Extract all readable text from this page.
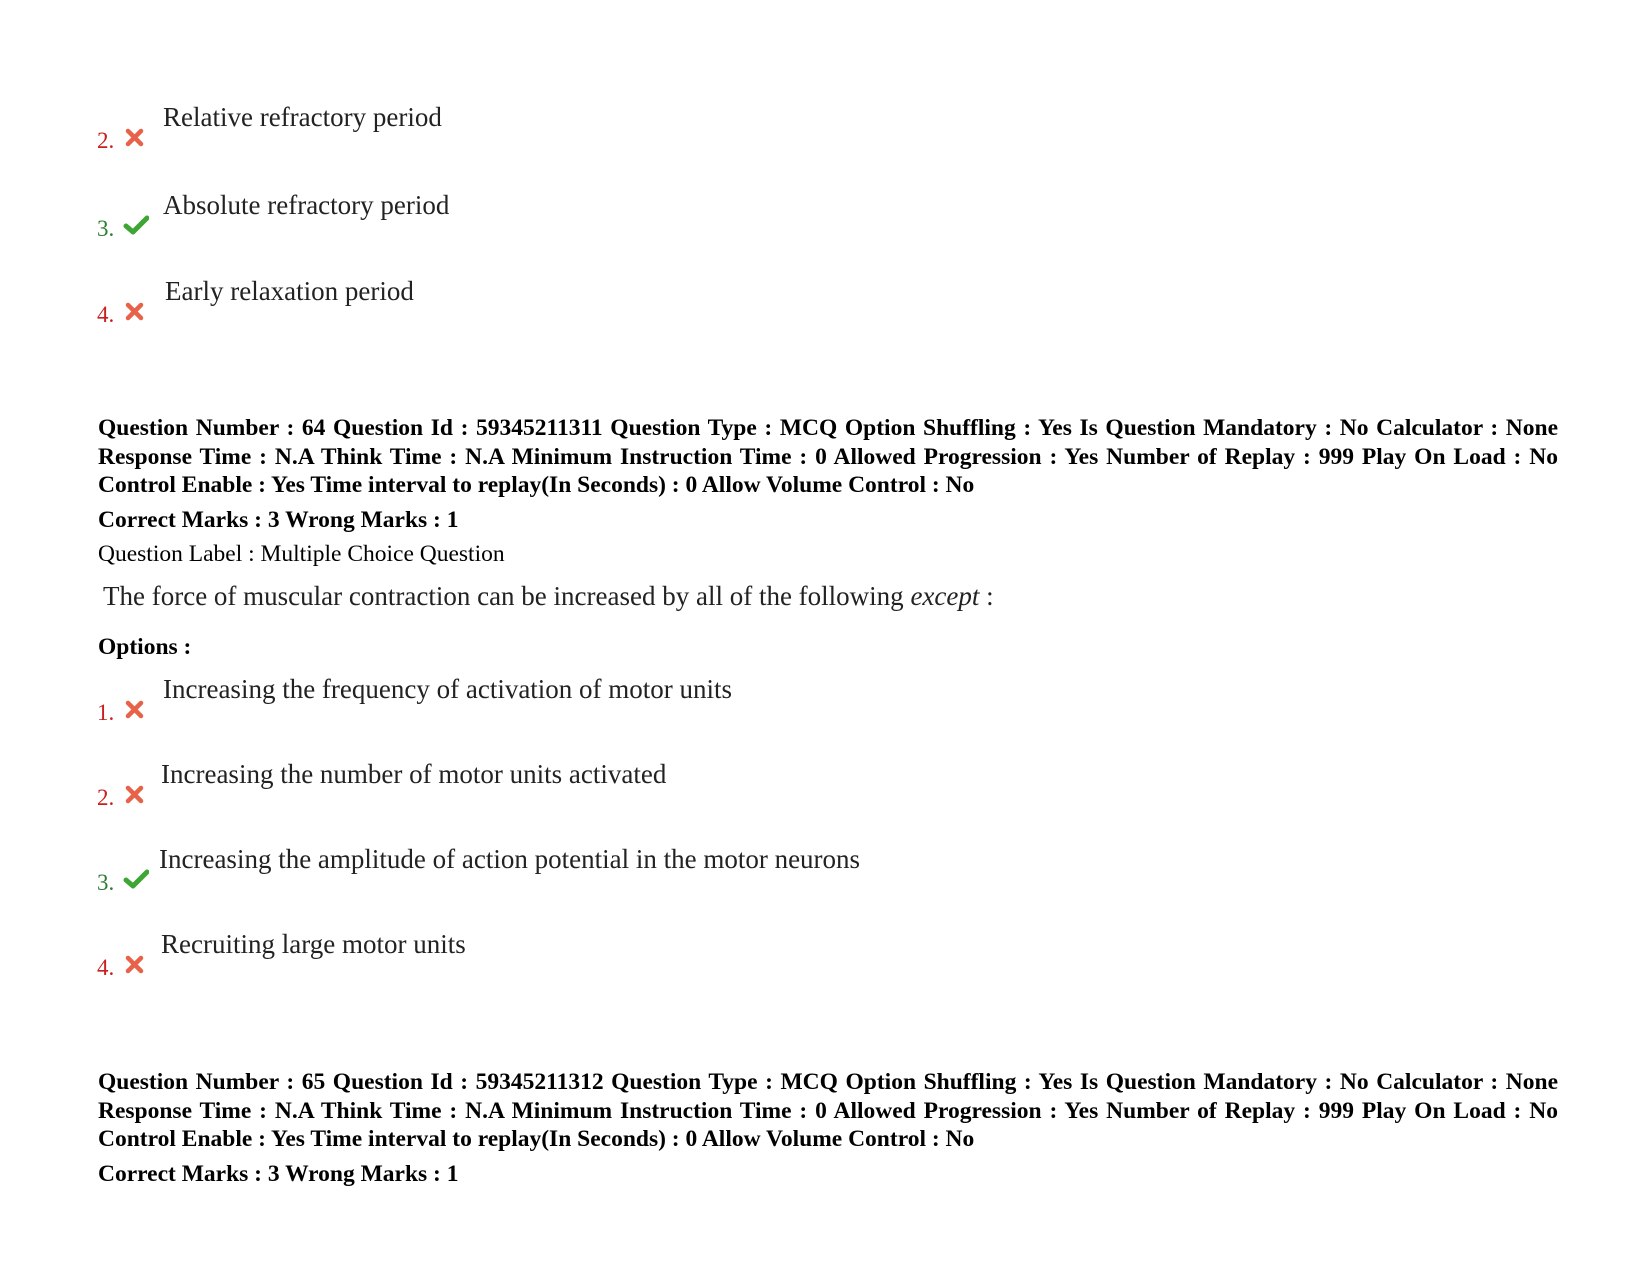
2.
Relative refractory period
3.
Absolute refractory period
4.
Early relaxation period
Question Number : 64 Question Id : 59345211311 Question Type : MCQ Option Shuffling : Yes Is Question Mandatory : No Calculator : None Response Time : N.A Think Time : N.A Minimum Instruction Time : 0 Allowed Progression : Yes Number of Replay : 999 Play On Load : No Control Enable : Yes Time interval to replay(In Seconds) : 0 Allow Volume Control : No
Correct Marks : 3 Wrong Marks : 1
Question Label : Multiple Choice Question
The force of muscular contraction can be increased by all of the following except :
Options :
1.
Increasing the frequency of activation of motor units
2.
Increasing the number of motor units activated
3.
Increasing the amplitude of action potential in the motor neurons
4.
Recruiting large motor units
Question Number : 65 Question Id : 59345211312 Question Type : MCQ Option Shuffling : Yes Is Question Mandatory : No Calculator : None Response Time : N.A Think Time : N.A Minimum Instruction Time : 0 Allowed Progression : Yes Number of Replay : 999 Play On Load : No Control Enable : Yes Time interval to replay(In Seconds) : 0 Allow Volume Control : No
Correct Marks : 3 Wrong Marks : 1
